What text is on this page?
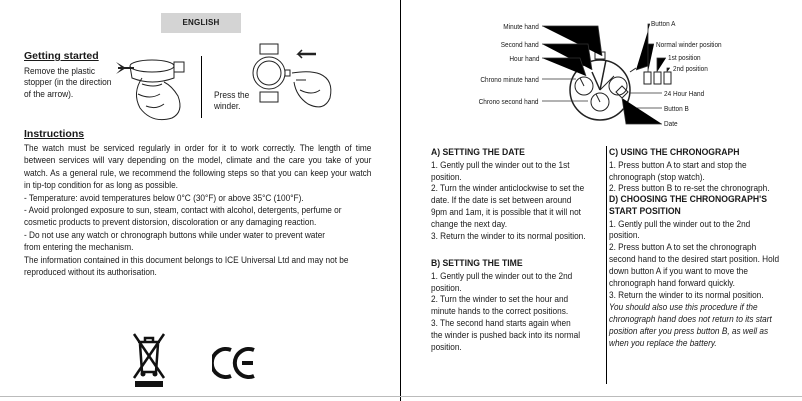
ENGLISH
Getting started
Remove the plastic stopper (in the direction of the arrow).	Press the winder.
Instructions

The watch must be serviced regularly in order for it to work correctly. The length of time between services will vary depending on the model, climate and the care you take of your watch. As a general rule, we recommend the following steps so that you can keep your watch in tip-top condition for as long as possible.

- Temperature: avoid temperatures below 0°C (30°F) or above 35°C (100°F).

- Avoid prolonged exposure to sun, steam, contact with alcohol, detergents, perfume or cosmetic products to prevent distorsion, discoloration or any damaging reaction.

- Do not use any watch or chronograph buttons while under water to prevent water from entering the mechanism.

The information contained in this document belongs to ICE Universal Ltd and may not be reproduced without its authorisation.

Minute hand
Second hand
Hour hand
Chrono minute hand
Chrono second hand
Button A
Normal winder position
1st position
2nd position
24 Hour Hand
Button B
Date
A) SETTING THE DATE

1. Gently pull the winder out to the 1st position.

2. Turn the winder anticlockwise to set the date. If the date is set between around 9pm and 1am, it is possible that it will not change the next day.

3. Return the winder to its normal position.

B) SETTING THE TIME

1. Gently pull the winder out to the 2nd position.

2. Turn the winder to set the hour and minute hands to the correct positions.

3. The second hand starts again when the winder is pushed back into its normal position.

C) USING THE CHRONOGRAPH

1. Press button A to start and stop the chronograph (stop watch).

2. Press button B to re-set the chronograph.

D) CHOOSING THE CHRONOGRAPH'S START POSITION

1. Gently pull the winder out to the 2nd position.

2. Press button A to set the chronograph second hand to the desired start position. Hold down button A if you want to move the chronograph hand forward quickly.

3. Return the winder to its normal position.

You should also use this procedure if the chronograph hand does not return to its start position after you press button B, as well as when you replace the battery.
